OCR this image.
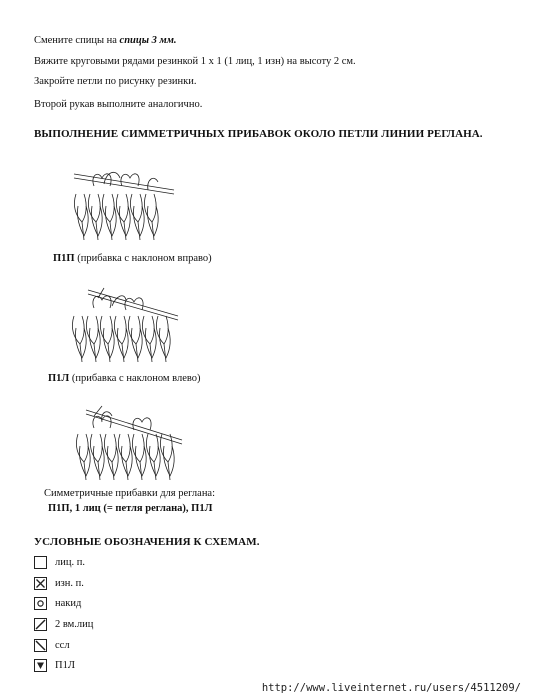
Смените спицы на спицы 3 мм.
Вяжите круговыми рядами резинкой 1 х 1 (1 лиц, 1 изн) на высоту 2 см.
Закройте петли по рисунку резинки.
Второй рукав выполните аналогично.
ВЫПОЛНЕНИЕ СИММЕТРИЧНЫХ ПРИБАВОК ОКОЛО ПЕТЛИ ЛИНИИ РЕГЛАНА.
П1П (прибавка с наклоном вправо)
П1Л (прибавка с наклоном влево)
Симметричные прибавки для реглана:
П1П, 1 лиц (= петля реглана), П1Л
УСЛОВНЫЕ ОБОЗНАЧЕНИЯ К СХЕМАМ.
лиц. п.
изн. п.
накид
2 вм.лиц
ссл
П1Л
http://www.liveinternet.ru/users/4511209/
